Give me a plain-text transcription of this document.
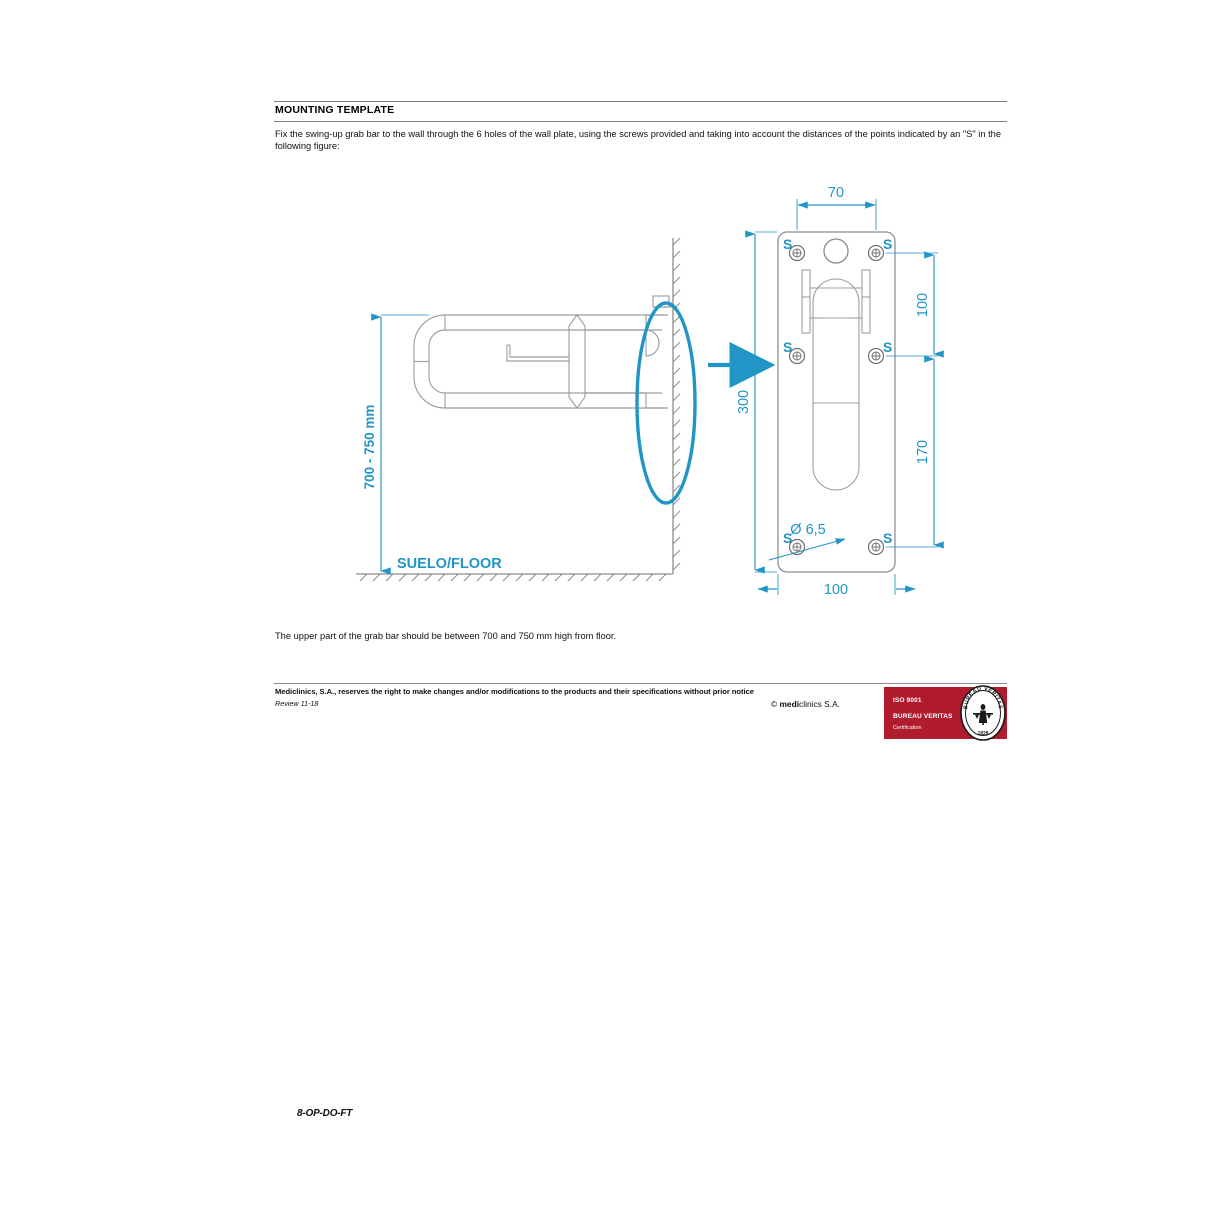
MOUNTING TEMPLATE
Fix the swing-up grab bar to the wall through the 6 holes of the wall plate, using the screws provided and taking into account the distances of the points indicated by an "S" in the following figure:
700 - 750 mm
SUELO/FLOOR
S	S
S	S
S	S
Ø 6,5
70
100
300
100
170
The upper part of the grab bar should be between 700 and 750 mm high from floor.
Mediclinics, S.A., reserves the right to make changes and/or modifications to the products and their specifications without prior notice
Review 11-18	© mediclinics S.A.	ISO 9001
BUREAU VERITAS
Certification
BUREAU VERITAS
1828
8-OP-DO-FT
